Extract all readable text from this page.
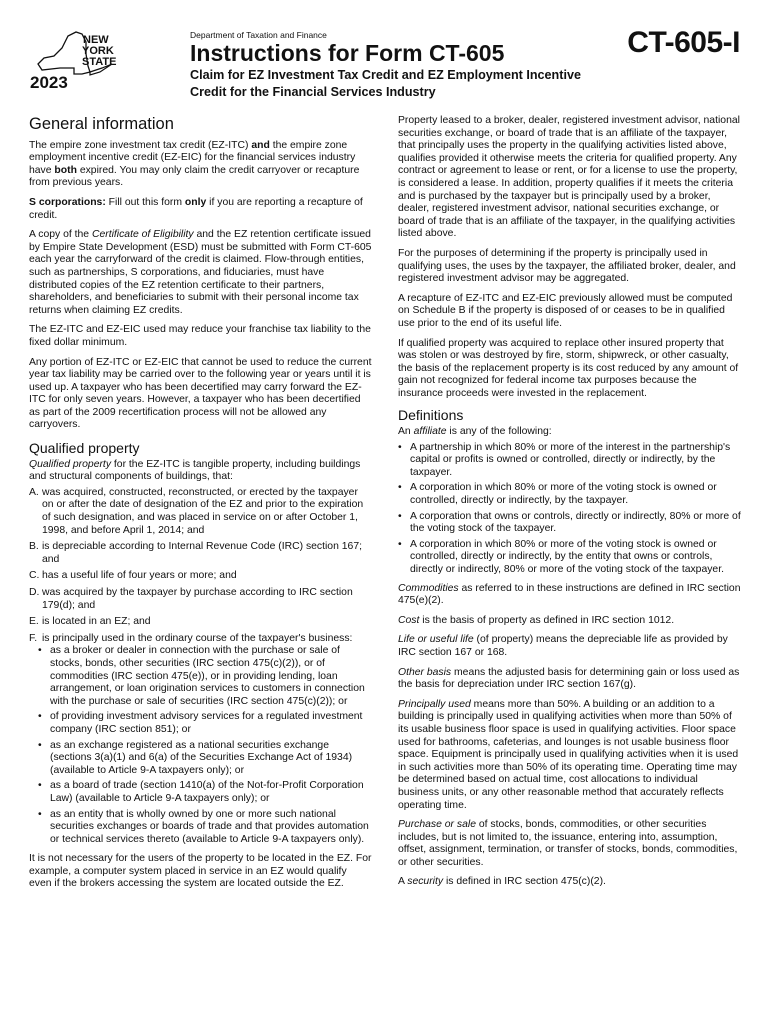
NEW
YORK
STATE
2023
Department of Taxation and Finance
Instructions for Form CT-605	CT-605-I
Claim for EZ Investment Tax Credit and EZ Employment Incentive Credit for the Financial Services Industry
General information

The empire zone investment tax credit (EZ-ITC) and the empire zone employment incentive credit (EZ-EIC) for the financial services industry have both expired. You may only claim the credit carryover or recapture from previous years.

S corporations: Fill out this form only if you are reporting a recapture of credit.

A copy of the Certificate of Eligibility and the EZ retention certificate issued by Empire State Development (ESD) must be submitted with Form CT-605 each year the carryforward of the credit is claimed. Flow-through entities, such as partnerships, S corporations, and fiduciaries, must have distributed copies of the EZ retention certificate to their partners, shareholders, and beneficiaries to submit with their personal income tax returns when claiming EZ credits.

The EZ-ITC and EZ-EIC used may reduce your franchise tax liability to the fixed dollar minimum.

Any portion of EZ-ITC or EZ-EIC that cannot be used to reduce the current year tax liability may be carried over to the following year or years until it is used up. A taxpayer who has been decertified may carry forward the EZ-ITC for only seven years. However, a taxpayer who has been decertified as part of the 2009 recertification process will not be allowed any carryovers.

Qualified property

Qualified property for the EZ-ITC is tangible property, including buildings and structural components of buildings, that:

A. was acquired, constructed, reconstructed, or erected by the taxpayer on or after the date of designation of the EZ and prior to the expiration of such designation, and was placed in service on or after October 1, 1998, and before April 1, 2014; and
B. is depreciable according to Internal Revenue Code (IRC) section 167; and
C. has a useful life of four years or more; and
D. was acquired by the taxpayer by purchase according to IRC section 179(d); and
E. is located in an EZ; and
F. is principally used in the ordinary course of the taxpayer's business:
• as a broker or dealer in connection with the purchase or sale of stocks, bonds, other securities (IRC section 475(c)(2)), or of commodities (IRC section 475(e)), or in providing lending, loan arrangement, or loan origination services to customers in connection with the purchase or sale of securities (IRC section 475(c)(2)); or
• of providing investment advisory services for a regulated investment company (IRC section 851); or
• as an exchange registered as a national securities exchange (sections 3(a)(1) and 6(a) of the Securities Exchange Act of 1934) (available to Article 9-A taxpayers only); or
• as a board of trade (section 1410(a) of the Not-for-Profit Corporation Law) (available to Article 9-A taxpayers only); or
• as an entity that is wholly owned by one or more such national securities exchanges or boards of trade and that provides automation or technical services thereto (available to Article 9-A taxpayers only).

It is not necessary for the users of the property to be located in the EZ. For example, a computer system placed in service in an EZ would qualify even if the brokers accessing the system are located outside the EZ.

Property leased to a broker, dealer, registered investment advisor, national securities exchange, or board of trade that is an affiliate of the taxpayer, that principally uses the property in the qualifying activities listed above, qualifies provided it otherwise meets the criteria for qualified property. Any contract or agreement to lease or rent, or for a license to use the property, is considered a lease. In addition, property qualifies if it meets the criteria and is purchased by the taxpayer but is principally used by a broker, dealer, registered investment advisor, national securities exchange, or board of trade that is an affiliate of the taxpayer, in the qualifying activities listed above.

For the purposes of determining if the property is principally used in qualifying uses, the uses by the taxpayer, the affiliated broker, dealer, and registered investment advisor may be aggregated.

A recapture of EZ-ITC and EZ-EIC previously allowed must be computed on Schedule B if the property is disposed of or ceases to be in qualified use prior to the end of its useful life.

If qualified property was acquired to replace other insured property that was stolen or was destroyed by fire, storm, shipwreck, or other casualty, the basis of the replacement property is its cost reduced by any amount of gain not recognized for federal income tax purposes because the insurance proceeds were invested in the replacement.

Definitions

An affiliate is any of the following:

• A partnership in which 80% or more of the interest in the partnership's capital or profits is owned or controlled, directly or indirectly, by the taxpayer.
• A corporation in which 80% or more of the voting stock is owned or controlled, directly or indirectly, by the taxpayer.
• A corporation that owns or controls, directly or indirectly, 80% or more of the voting stock of the taxpayer.
• A corporation in which 80% or more of the voting stock is owned or controlled, directly or indirectly, by the entity that owns or controls, directly or indirectly, 80% or more of the voting stock of the taxpayer.

Commodities as referred to in these instructions are defined in IRC section 475(e)(2).

Cost is the basis of property as defined in IRC section 1012.

Life or useful life (of property) means the depreciable life as provided by IRC section 167 or 168.

Other basis means the adjusted basis for determining gain or loss used as the basis for depreciation under IRC section 167(g).

Principally used means more than 50%. A building or an addition to a building is principally used in qualifying activities when more than 50% of its usable business floor space is used in qualifying activities. Floor space used for bathrooms, cafeterias, and lounges is not usable business floor space. Equipment is principally used in qualifying activities when it is used in such activities more than 50% of its operating time. Operating time may be determined based on actual time, cost allocations to individual business units, or any other reasonable method that accurately reflects operating time.

Purchase or sale of stocks, bonds, commodities, or other securities includes, but is not limited to, the issuance, entering into, assumption, offset, assignment, termination, or transfer of stocks, bonds, commodities, or other securities.

A security is defined in IRC section 475(c)(2).
